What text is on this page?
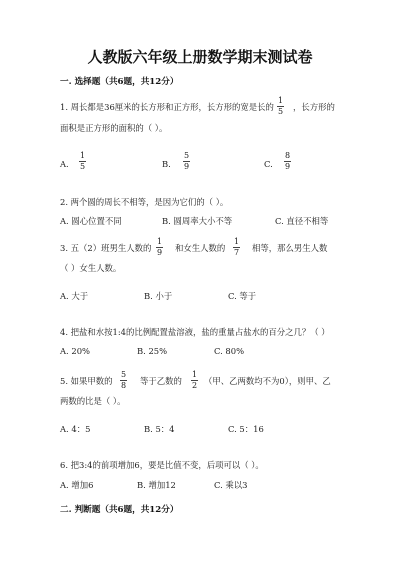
人教版六年级上册数学期末测试卷
一. 选择题（共6题，共12分）
1. 周长都是36厘米的长方形和正方形，长方形的宽是长的
1
5 ，长方形的
面积是正方形的面积的（ ）。
A.
1
5	B.
5
9	C.
8
9
2. 两个圆的周长不相等，是因为它们的（ ）。
A. 圆心位置不同	B. 圆周率大小不等	C. 直径不相等
3. 五（2）班男生人数的
1
9 和女生人数的
1
7 相等，那么男生人数
（ ）女生人数。
A. 大于	B. 小于	C. 等于
4. 把盐和水按1:4的比例配置盐溶液，盐的重量占盐水的百分之几？（ ）
A. 20%	B. 25%	C. 80%
5. 如果甲数的
5
8 等于乙数的
1
2 （甲、乙两数均不为0），则甲、乙
两数的比是（ ）。
A. 4：5	B. 5：4	C. 5：16
6. 把3:4的前项增加6，要是比值不变，后项可以（ ）。
A. 增加6	B. 增加12	C. 乘以3
二. 判断题（共6题，共12分）
